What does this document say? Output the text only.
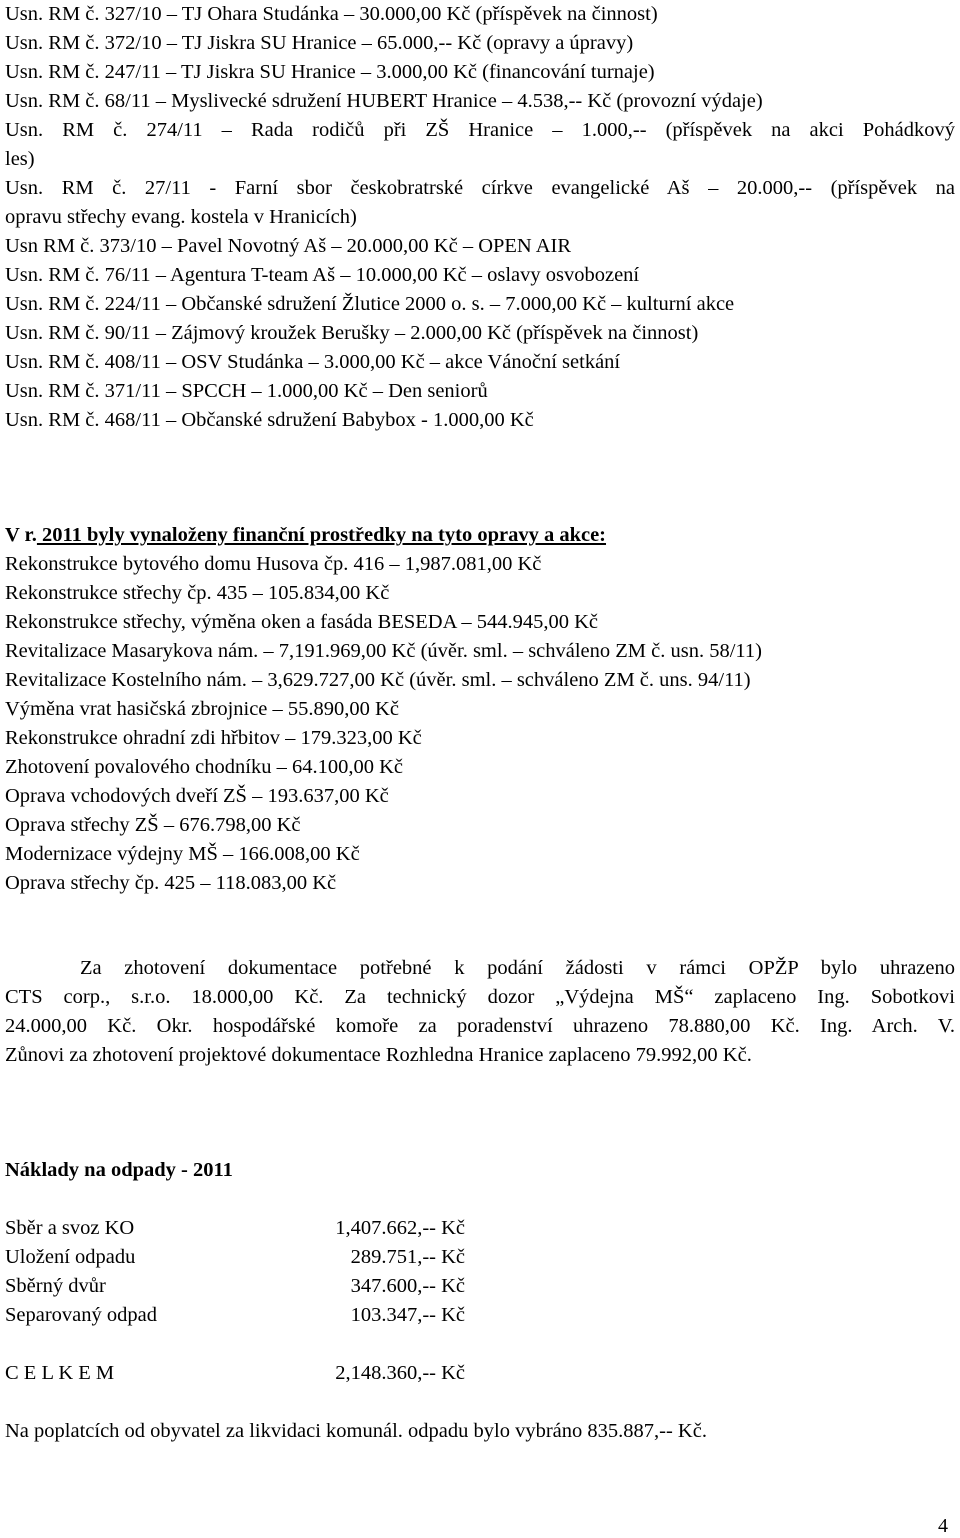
Usn. RM č. 327/10 – TJ Ohara Studánka – 30.000,00 Kč (příspěvek na činnost)
Usn. RM č. 372/10 – TJ Jiskra SU Hranice – 65.000,-- Kč (opravy a úpravy)
Usn. RM č. 247/11 – TJ Jiskra SU Hranice – 3.000,00 Kč (financování turnaje)
Usn. RM č. 68/11 – Myslivecké sdružení HUBERT Hranice – 4.538,-- Kč (provozní výdaje)
Usn. RM č. 274/11 – Rada rodičů při ZŠ Hranice – 1.000,-- (příspěvek na akci Pohádkový
les)
Usn. RM č. 27/11 - Farní sbor českobratrské církve evangelické Aš – 20.000,-- (příspěvek na
opravu střechy evang. kostela v Hranicích)
Usn RM č. 373/10 – Pavel Novotný Aš – 20.000,00 Kč – OPEN AIR
Usn. RM č. 76/11 – Agentura T-team Aš – 10.000,00 Kč – oslavy osvobození
Usn. RM č. 224/11 – Občanské sdružení Žlutice 2000 o. s. – 7.000,00 Kč – kulturní akce
Usn. RM č. 90/11 – Zájmový kroužek Berušky – 2.000,00 Kč (příspěvek na činnost)
Usn. RM č. 408/11 – OSV Studánka – 3.000,00 Kč – akce Vánoční setkání
Usn. RM č. 371/11 – SPCCH – 1.000,00 Kč – Den seniorů
Usn. RM č. 468/11 – Občanské sdružení Babybox - 1.000,00 Kč
V r. 2011 byly vynaloženy finanční prostředky na tyto opravy a akce:
Rekonstrukce bytového domu Husova čp. 416 – 1,987.081,00 Kč
Rekonstrukce střechy čp. 435 – 105.834,00 Kč
Rekonstrukce střechy, výměna oken a fasáda BESEDA – 544.945,00 Kč
Revitalizace Masarykova nám. – 7,191.969,00 Kč (úvěr. sml. – schváleno ZM č. usn. 58/11)
Revitalizace Kostelního nám. – 3,629.727,00 Kč (úvěr. sml. – schváleno ZM č. uns. 94/11)
Výměna vrat hasičská zbrojnice – 55.890,00 Kč
Rekonstrukce ohradní zdi hřbitov – 179.323,00 Kč
Zhotovení povalového chodníku – 64.100,00 Kč
Oprava vchodových dveří ZŠ – 193.637,00 Kč
Oprava střechy ZŠ – 676.798,00 Kč
Modernizace výdejny MŠ – 166.008,00 Kč
Oprava střechy čp. 425 – 118.083,00 Kč
Za zhotovení dokumentace potřebné k podání žádosti v rámci OPŽP bylo uhrazeno
CTS corp., s.r.o. 18.000,00 Kč. Za technický dozor „Výdejna MŠ“ zaplaceno Ing. Sobotkovi
24.000,00 Kč. Okr. hospodářské komoře za poradenství uhrazeno 78.880,00 Kč. Ing. Arch. V.
Zůnovi za zhotovení projektové dokumentace Rozhledna Hranice zaplaceno 79.992,00 Kč.
Náklady na odpady - 2011
Sběr a svoz KO	1,407.662,-- Kč
Uložení odpadu	289.751,-- Kč
Sběrný dvůr	347.600,-- Kč
Separovaný odpad	103.347,-- Kč
C E L K E M	2,148.360,-- Kč
Na poplatcích od obyvatel za likvidaci komunál. odpadu bylo vybráno 835.887,-- Kč.
4
